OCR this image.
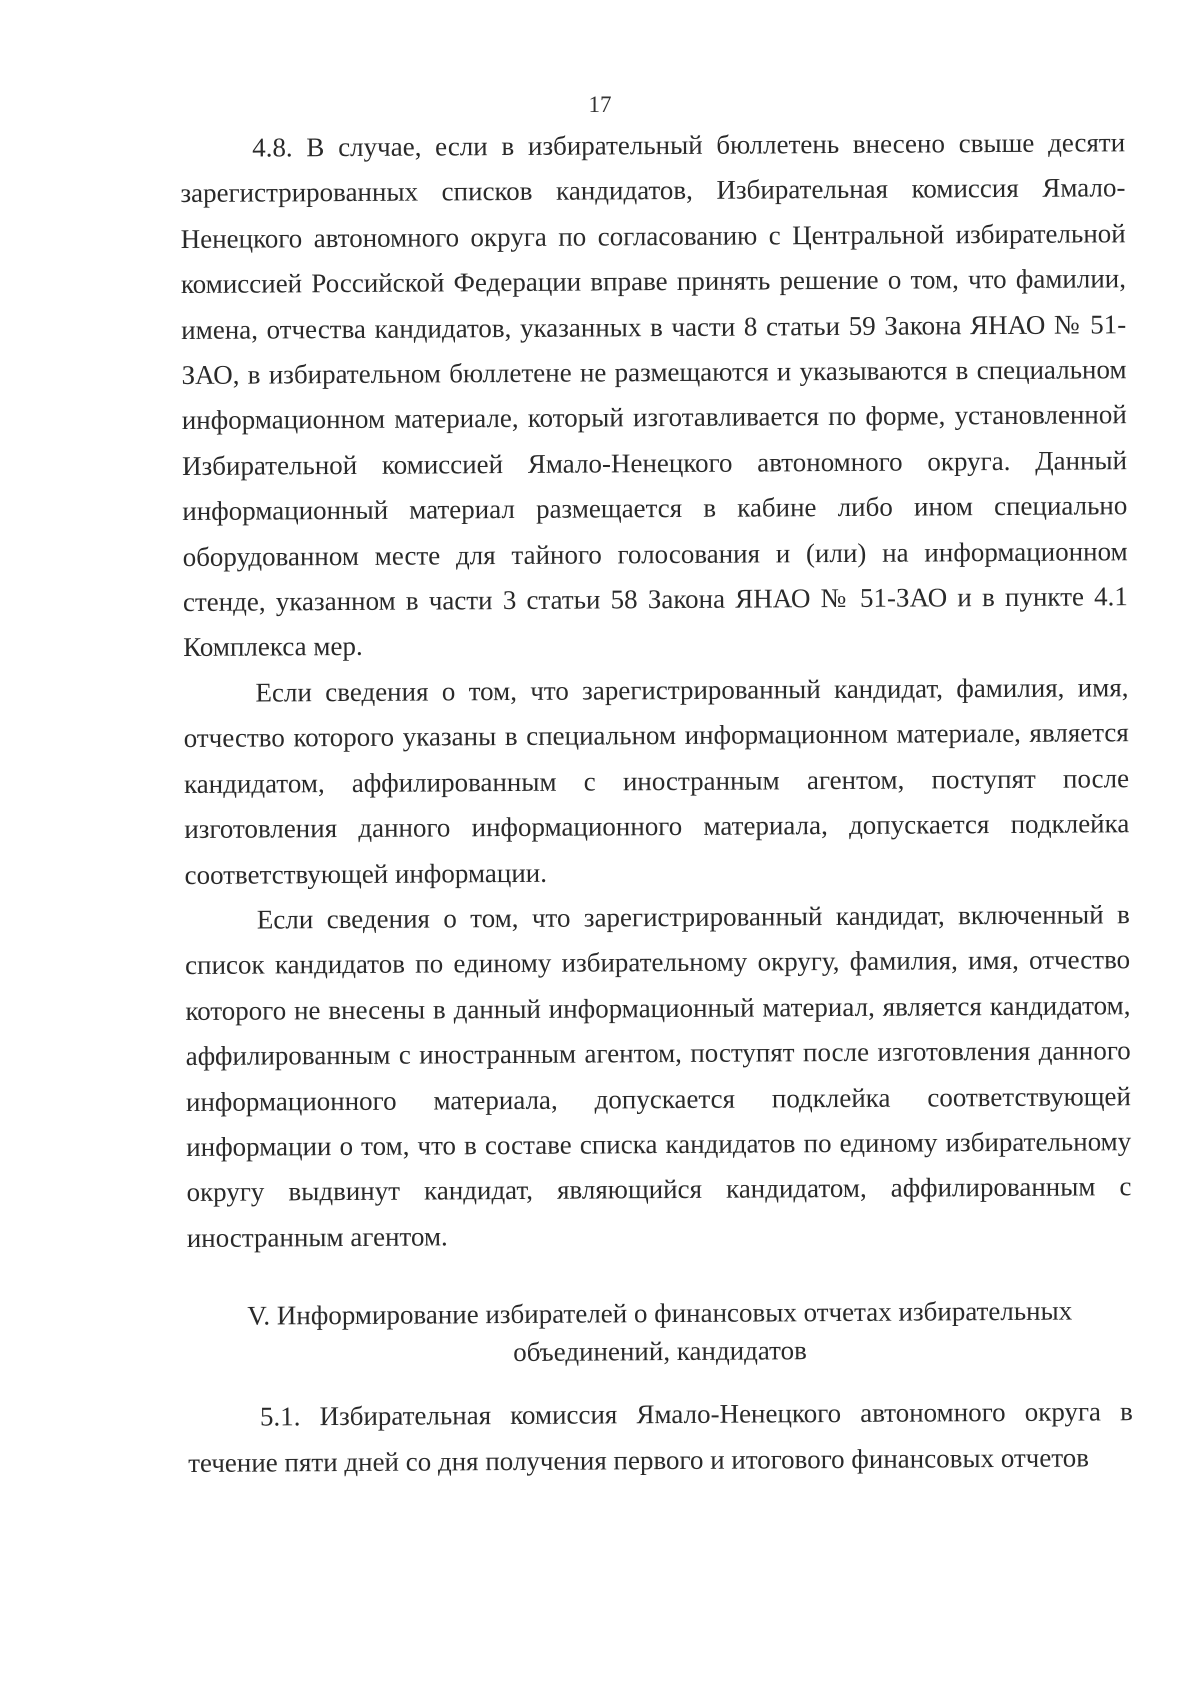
17

4.8. В случае, если в избирательный бюллетень внесено свыше десяти зарегистрированных списков кандидатов, Избирательная комиссия Ямало-Ненецкого автономного округа по согласованию с Центральной избирательной комиссией Российской Федерации вправе принять решение о том, что фамилии, имена, отчества кандидатов, указанных в части 8 статьи 59 Закона ЯНАО № 51-ЗАО, в избирательном бюллетене не размещаются и указываются в специальном информационном материале, который изготавливается по форме, установленной Избирательной комиссией Ямало-Ненецкого автономного округа. Данный информационный материал размещается в кабине либо ином специально оборудованном месте для тайного голосования и (или) на информационном стенде, указанном в части 3 статьи 58 Закона ЯНАО № 51-ЗАО и в пункте 4.1 Комплекса мер.

Если сведения о том, что зарегистрированный кандидат, фамилия, имя, отчество которого указаны в специальном информационном материале, является кандидатом, аффилированным с иностранным агентом, поступят после изготовления данного информационного материала, допускается подклейка соответствующей информации.

Если сведения о том, что зарегистрированный кандидат, включенный в список кандидатов по единому избирательному округу, фамилия, имя, отчество которого не внесены в данный информационный материал, является кандидатом, аффилированным с иностранным агентом, поступят после изготовления данного информационного материала, допускается подклейка соответствующей информации о том, что в составе списка кандидатов по единому избирательному округу выдвинут кандидат, являющийся кандидатом, аффилированным с иностранным агентом.

V. Информирование избирателей о финансовых отчетах избирательных
объединений, кандидатов

5.1. Избирательная комиссия Ямало-Ненецкого автономного округа в течение пяти дней со дня получения первого и итогового финансовых отчетов
